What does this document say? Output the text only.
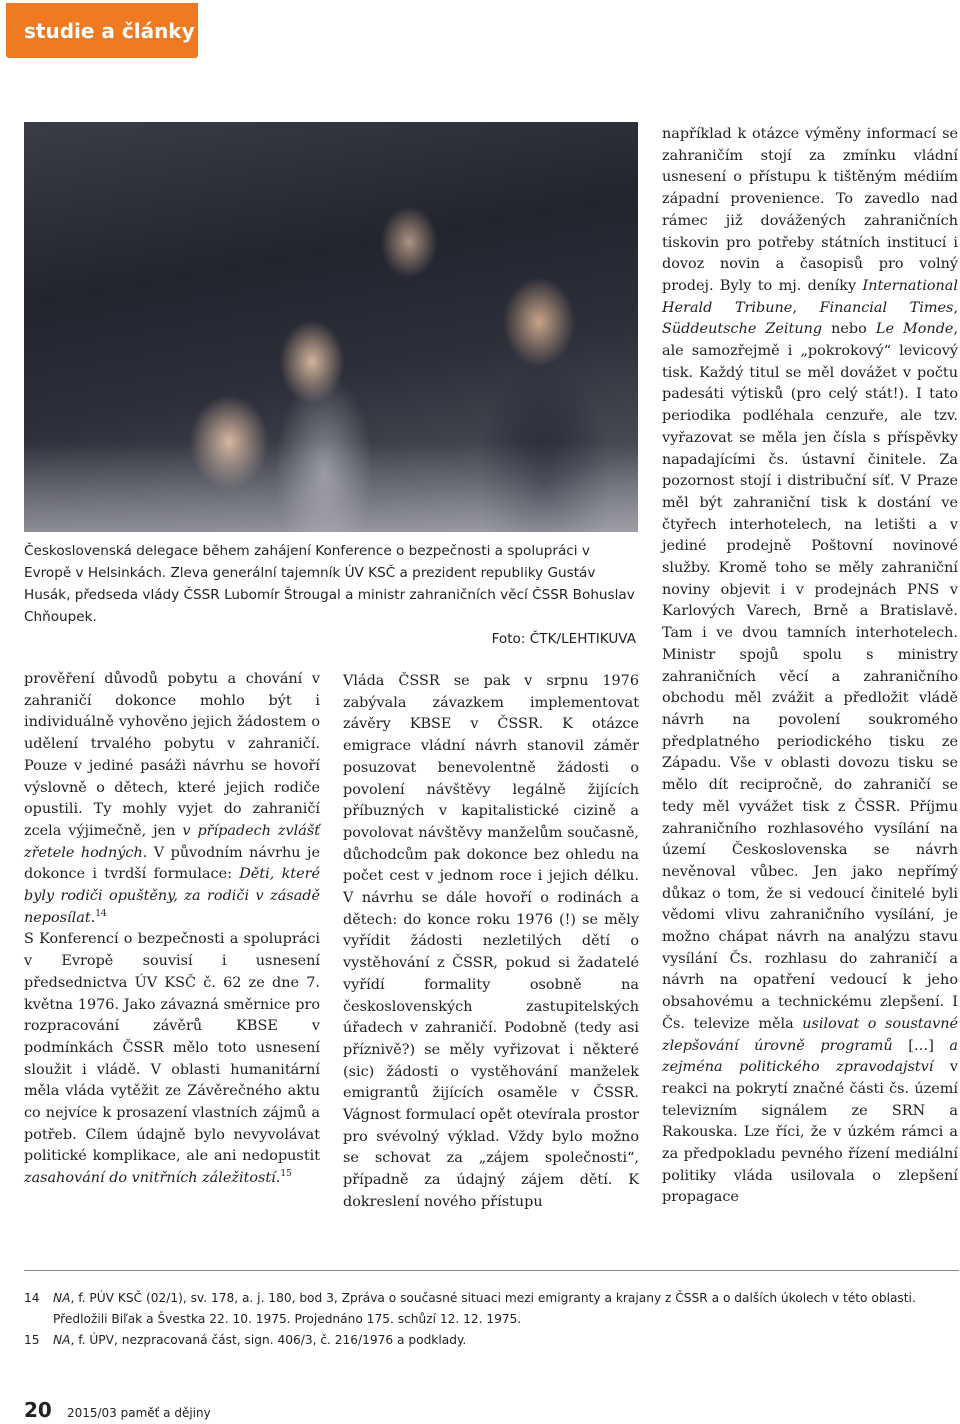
studie a články
Československá delegace během zahájení Konference o bezpečnosti a spolupráci v Evropě v Helsinkách. Zleva generální tajemník ÚV KSČ a prezident republiky Gustáv Husák, předseda vlády ČSSR Lubomír Štrougal a ministr zahraničních věcí ČSSR Bohuslav Chňoupek.
Foto: ČTK/LEHTIKUVA

prověření důvodů pobytu a chování v zahraničí dokonce mohlo být i individuálně vyhověno jejich žádostem o udělení trvalého pobytu v zahraničí. Pouze v jediné pasáži návrhu se hovoří výslovně o dětech, které jejich rodiče opustili. Ty mohly vyjet do zahraničí zcela výjimečně, jen v případech zvlášť zřetele hodných. V původním návrhu je dokonce i tvrdší formulace: Děti, které byly rodiči opuštěny, za rodiči v zásadě neposílat.$^{14}$

S Konferencí o bezpečnosti a spolupráci v Evropě souvisí i usnesení předsednictva ÚV KSČ č. 62 ze dne 7. května 1976. Jako závazná směrnice pro rozpracování závěrů KBSE v podmínkách ČSSR mělo toto usnesení sloužit i vládě. V oblasti humanitární měla vláda vytěžit ze Závěrečného aktu co nejvíce k prosazení vlastních zájmů a potřeb. Cílem údajně bylo nevyvolávat politické komplikace, ale ani nedopustit zasahování do vnitřních záležitostí.$^{15}$

Vláda ČSSR se pak v srpnu 1976 zabývala závazkem implementovat závěry KBSE v ČSSR. K otázce emigrace vládní návrh stanovil záměr posuzovat benevolentně žádosti o povolení návštěvy legálně žijících příbuzných v kapitalistické cizině a povolovat návštěvy manželům současně, důchodcům pak dokonce bez ohledu na počet cest v jednom roce i jejich délku. V návrhu se dále hovoří o rodinách a dětech: do konce roku 1976 (!) se měly vyřídit žádosti nezletilých dětí o vystěhování z ČSSR, pokud si žadatelé vyřídí formality osobně na československých zastupitelských úřadech v zahraničí. Podobně (tedy asi příznivě?) se měly vyřizovat i některé (sic) žádosti o vystěhování manželek emigrantů žijících osaměle v ČSSR. Vágnost formulací opět otevírala prostor pro svévolný výklad. Vždy bylo možno se schovat za „zájem společnosti“, případně za údajný zájem dětí. K dokreslení nového přístupu

například k otázce výměny informací se zahraničím stojí za zmínku vládní usnesení o přístupu k tištěným médiím západní provenience. To zavedlo nad rámec již dovážených zahraničních tiskovin pro potřeby státních institucí i dovoz novin a časopisů pro volný prodej. Byly to mj. deníky International Herald Tribune, Financial Times, Süddeutsche Zeitung nebo Le Monde, ale samozřejmě i „pokrokový“ levicový tisk. Každý titul se měl dovážet v počtu padesáti výtisků (pro celý stát!). I tato periodika podléhala cenzuře, ale tzv. vyřazovat se měla jen čísla s příspěvky napadajícími čs. ústavní činitele. Za pozornost stojí i distribuční síť. V Praze měl být zahraniční tisk k dostání ve čtyřech interhotelech, na letišti a v jediné prodejně Poštovní novinové služby. Kromě toho se měly zahraniční noviny objevit i v prodejnách PNS v Karlových Varech, Brně a Bratislavě. Tam i ve dvou tamních interhotelech. Ministr spojů spolu s ministry zahraničních věcí a zahraničního obchodu měl zvážit a předložit vládě návrh na povolení soukromého předplatného periodického tisku ze Západu. Vše v oblasti dovozu tisku se mělo dít recipročně, do zahraničí se tedy měl vyvážet tisk z ČSSR. Příjmu zahraničního rozhlasového vysílání na území Československa se návrh nevěnoval vůbec. Jen jako nepřímý důkaz o tom, že si vedoucí činitelé byli vědomi vlivu zahraničního vysílání, je možno chápat návrh na analýzu stavu vysílání Čs. rozhlasu do zahraničí a návrh na opatření vedoucí k jeho obsahovému a technickému zlepšení. I Čs. televize měla usilovat o soustavné zlepšování úrovně programů […] a zejména politického zpravodajství v reakci na pokrytí značné části čs. území televizním signálem ze SRN a Rakouska. Lze říci, že v úzkém rámci a za předpokladu pevného řízení mediální politiky vláda usilovala o zlepšení propagace

14	NA, f. PÚV KSČ (02/1), sv. 178, a. j. 180, bod 3, Zpráva o současné situaci mezi emigranty a krajany z ČSSR a o dalších úkolech v této oblasti. Předložili Biľak a Švestka 22. 10. 1975. Projednáno 175. schůzí 12. 12. 1975.
15	NA, f. ÚPV, nezpracovaná část, sign. 406/3, č. 216/1976 a podklady.
20 2015/03 paměť a dějiny
